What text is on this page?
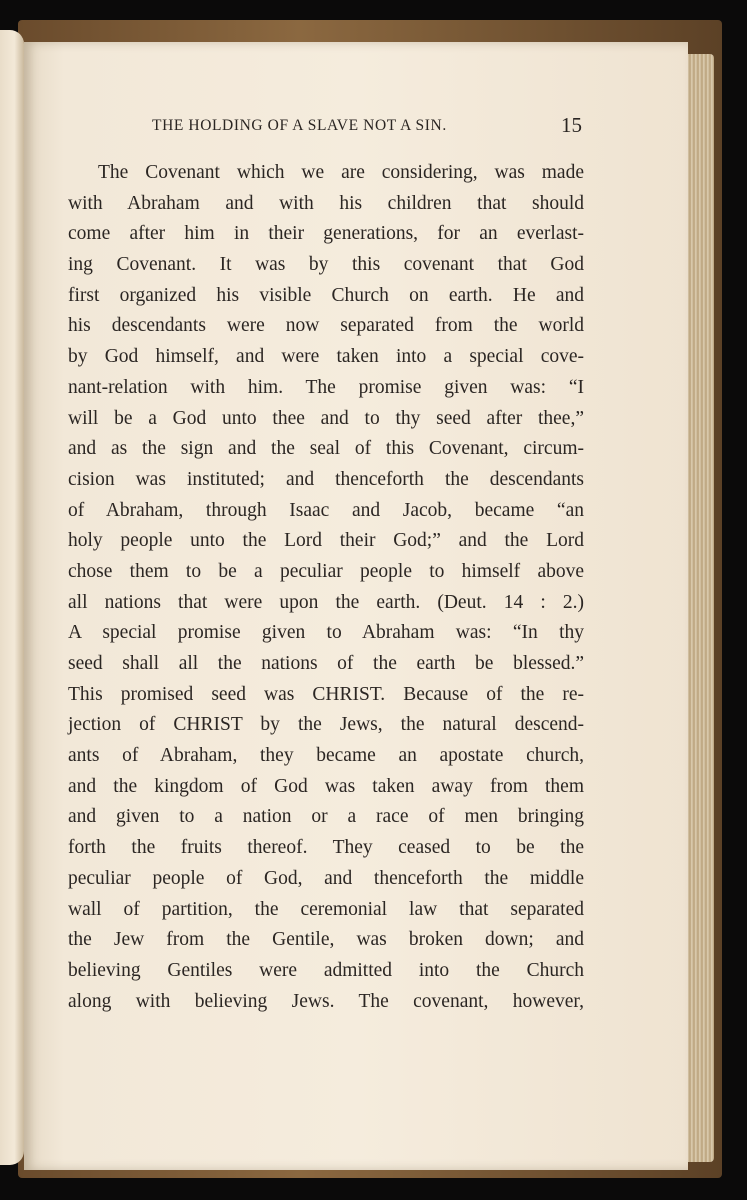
THE HOLDING OF A SLAVE NOT A SIN.	15
The Covenant which we are considering, was made
with Abraham and with his children that should
come after him in their generations, for an everlast-
ing Covenant. It was by this covenant that God
first organized his visible Church on earth. He and
his descendants were now separated from the world
by God himself, and were taken into a special cove-
nant-relation with him. The promise given was: “I
will be a God unto thee and to thy seed after thee,”
and as the sign and the seal of this Covenant, circum-
cision was instituted; and thenceforth the descendants
of Abraham, through Isaac and Jacob, became “an
holy people unto the Lord their God;” and the Lord
chose them to be a peculiar people to himself above
all nations that were upon the earth. (Deut. 14 : 2.)
A special promise given to Abraham was: “In thy
seed shall all the nations of the earth be blessed.”
This promised seed was CHRIST. Because of the re-
jection of CHRIST by the Jews, the natural descend-
ants of Abraham, they became an apostate church,
and the kingdom of God was taken away from them
and given to a nation or a race of men bringing
forth the fruits thereof. They ceased to be the
peculiar people of God, and thenceforth the middle
wall of partition, the ceremonial law that separated
the Jew from the Gentile, was broken down; and
believing Gentiles were admitted into the Church
along with believing Jews. The covenant, however,
